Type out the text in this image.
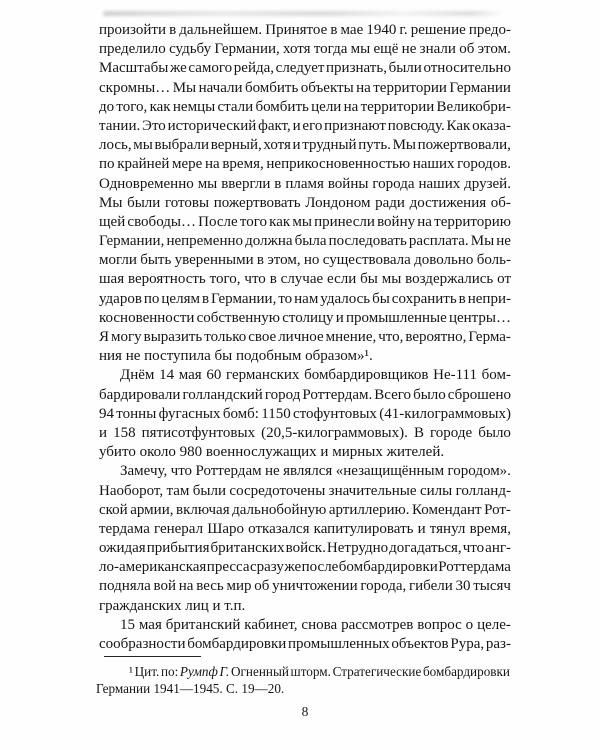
произойти в дальнейшем. Принятое в мае 1940 г. решение предо-
пределило судьбу Германии, хотя тогда мы ещё не знали об этом.
Масштабы же самого рейда, следует признать, были относительно
скромны… Мы начали бомбить объекты на территории Германии
до того, как немцы стали бомбить цели на территории Великобри-
тании. Это исторический факт, и его признают повсюду. Как оказа-
лось, мы выбрали верный, хотя и трудный путь. Мы пожертвовали,
по крайней мере на время, неприкосновенностью наших городов.
Одновременно мы ввергли в пламя войны города наших друзей.
Мы были готовы пожертвовать Лондоном ради достижения об-
щей свободы… После того как мы принесли войну на территорию
Германии, непременно должна была последовать расплата. Мы не
могли быть уверенными в этом, но существовала довольно боль-
шая вероятность того, что в случае если бы мы воздержались от
ударов по целям в Германии, то нам удалось бы сохранить в непри-
косновенности собственную столицу и промышленные центры…
Я могу выразить только свое личное мнение, что, вероятно, Герма-
ния не поступила бы подобным образом»¹.
Днём 14 мая 60 германских бомбардировщиков Не-111 бом-
бардировали голландский город Роттердам. Всего было сброшено
94 тонны фугасных бомб: 1150 стофунтовых (41-килограммовых)
и 158 пятисотфунтовых (20,5-килограммовых). В городе было
убито около 980 военнослужащих и мирных жителей.
Замечу, что Роттердам не являлся «незащищённым городом».
Наоборот, там были сосредоточены значительные силы голланд-
ской армии, включая дальнобойную артиллерию. Комендант Рот-
тердама генерал Шаро отказался капитулировать и тянул время,
ожидая прибытия британских войск. Нетрудно догадаться, что анг-
ло-американская пресса сразу же после бомбардировки Роттердама
подняла вой на весь мир об уничтожении города, гибели 30 тысяч
гражданских лиц и т.п.
15 мая британский кабинет, снова рассмотрев вопрос о целе-
сообразности бомбардировки промышленных объектов Рура, раз-
¹ Цит. по: Румпф Г. Огненный шторм. Стратегические бомбардировки
Германии 1941—1945. С. 19—20.
8
